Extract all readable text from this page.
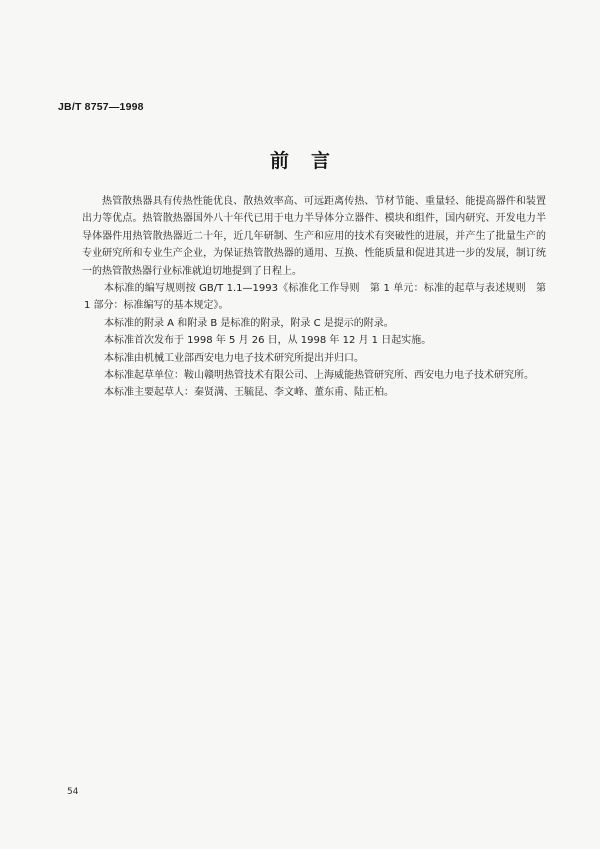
JB/T 8757—1998
前言

热管散热器具有传热性能优良、散热效率高、可远距离传热、节材节能、重量轻、能提高器件和装置出力等优点。热管散热器国外八十年代已用于电力半导体分立器件、模块和组件，国内研究、开发电力半导体器件用热管散热器近二十年，近几年研制、生产和应用的技术有突破性的进展，并产生了批量生产的专业研究所和专业生产企业，为保证热管散热器的通用、互换、性能质量和促进其进一步的发展，制订统一的热管散热器行业标准就迫切地提到了日程上。

本标准的编写规则按 GB/T 1.1—1993《标准化工作导则　第 1 单元：标准的起草与表述规则　第 1 部分：标准编写的基本规定》。

本标准的附录 A 和附录 B 是标准的附录，附录 C 是提示的附录。

本标准首次发布于 1998 年 5 月 26 日，从 1998 年 12 月 1 日起实施。

本标准由机械工业部西安电力电子技术研究所提出并归口。

本标准起草单位：鞍山赣明热管技术有限公司、上海威能热管研究所、西安电力电子技术研究所。

本标准主要起草人：秦贤满、王毓昆、李文峰、董东甫、陆正柏。

54
